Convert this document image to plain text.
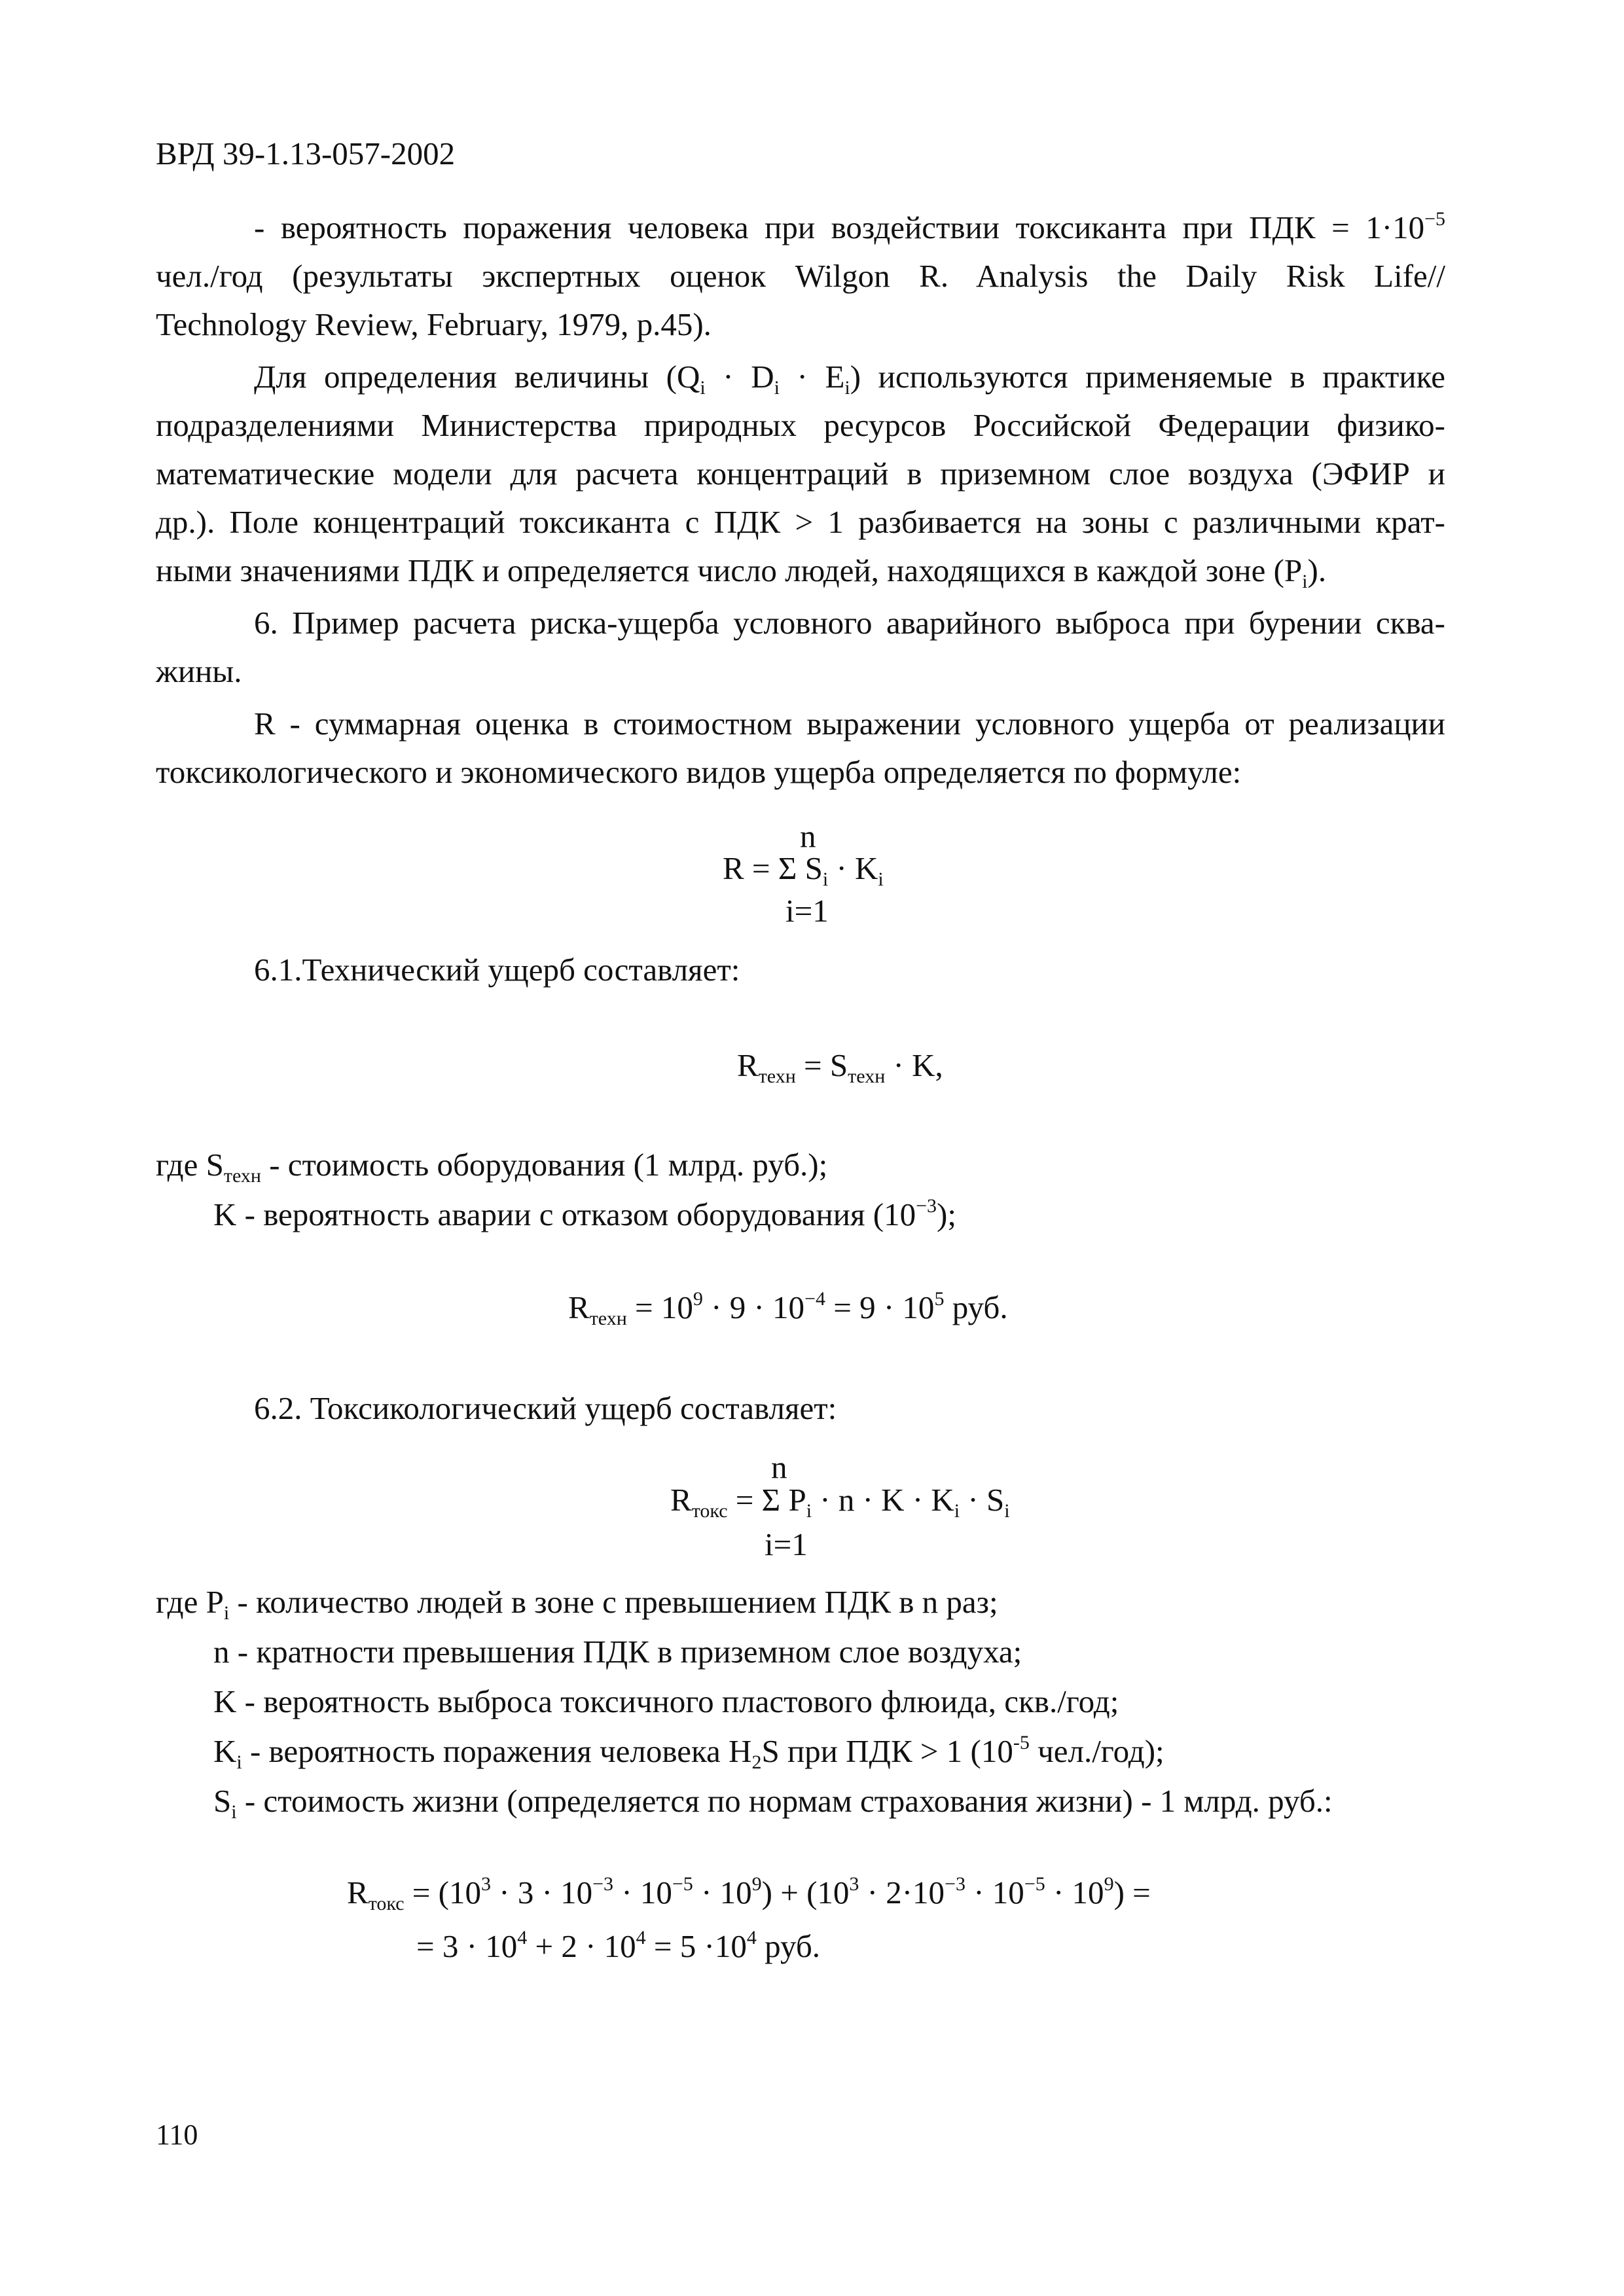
ВРД 39-1.13-057-2002
- вероятность поражения человека при воздействии токсиканта при ПДК = $1\cdot 10^{-5}$
чел./год (результаты экспертных оценок Wilgon R. Analysis the Daily Risk Life//
Technology Review, February, 1979, p.45).
Для определения величины $(Q_i \cdot D_i \cdot E_i)$ используются применяемые в практике
подразделениями Министерства природных ресурсов Российской Федерации физико-
математические модели для расчета концентраций в приземном слое воздуха (ЭФИР и
др.). Поле концентраций токсиканта с ПДК > 1 разбивается на зоны с различными крат-
ными значениями ПДК и определяется число людей, находящихся в каждой зоне $(P_i)$.
6. Пример расчета риска-ущерба условного аварийного выброса при бурении сква-
жины.
R - суммарная оценка в стоимостном выражении условного ущерба от реализации
токсикологического и экономического видов ущерба определяется по формуле:
n
R = Σ $S_i \cdot K_i$
i=1
6.1.Технический ущерб составляет:
$R_{техн} = S_{техн} \cdot K$,
где $S_{техн}$ - стоимость оборудования (1 млрд. руб.);
K - вероятность аварии с отказом оборудования $(10^{-3})$;
$R_{техн} = 10^9 \cdot 9 \cdot 10^{-4} = 9 \cdot 10^5$ руб.
6.2. Токсикологический ущерб составляет:
n
$R_{токс} = \Sigma$ $P_i \cdot n \cdot K \cdot K_i \cdot S_i$
i=1
где $P_i$ - количество людей в зоне с превышением ПДК в n раз;
n - кратности превышения ПДК в приземном слое воздуха;
K - вероятность выброса токсичного пластового флюида, скв./год;
$K_i$ - вероятность поражения человека $H_2S$ при ПДК > 1 ($10^{-5}$ чел./год);
$S_i$ - стоимость жизни (определяется по нормам страхования жизни) - 1 млрд. руб.:
$R_{токс} = (10^3 \cdot 3 \cdot 10^{-3} \cdot 10^{-5} \cdot 10^9) + (10^3 \cdot 2\cdot 10^{-3} \cdot 10^{-5} \cdot 10^9)$ =
= $3 \cdot 10^4 + 2 \cdot 10^4 = 5 \cdot 10^4$ руб.
110
